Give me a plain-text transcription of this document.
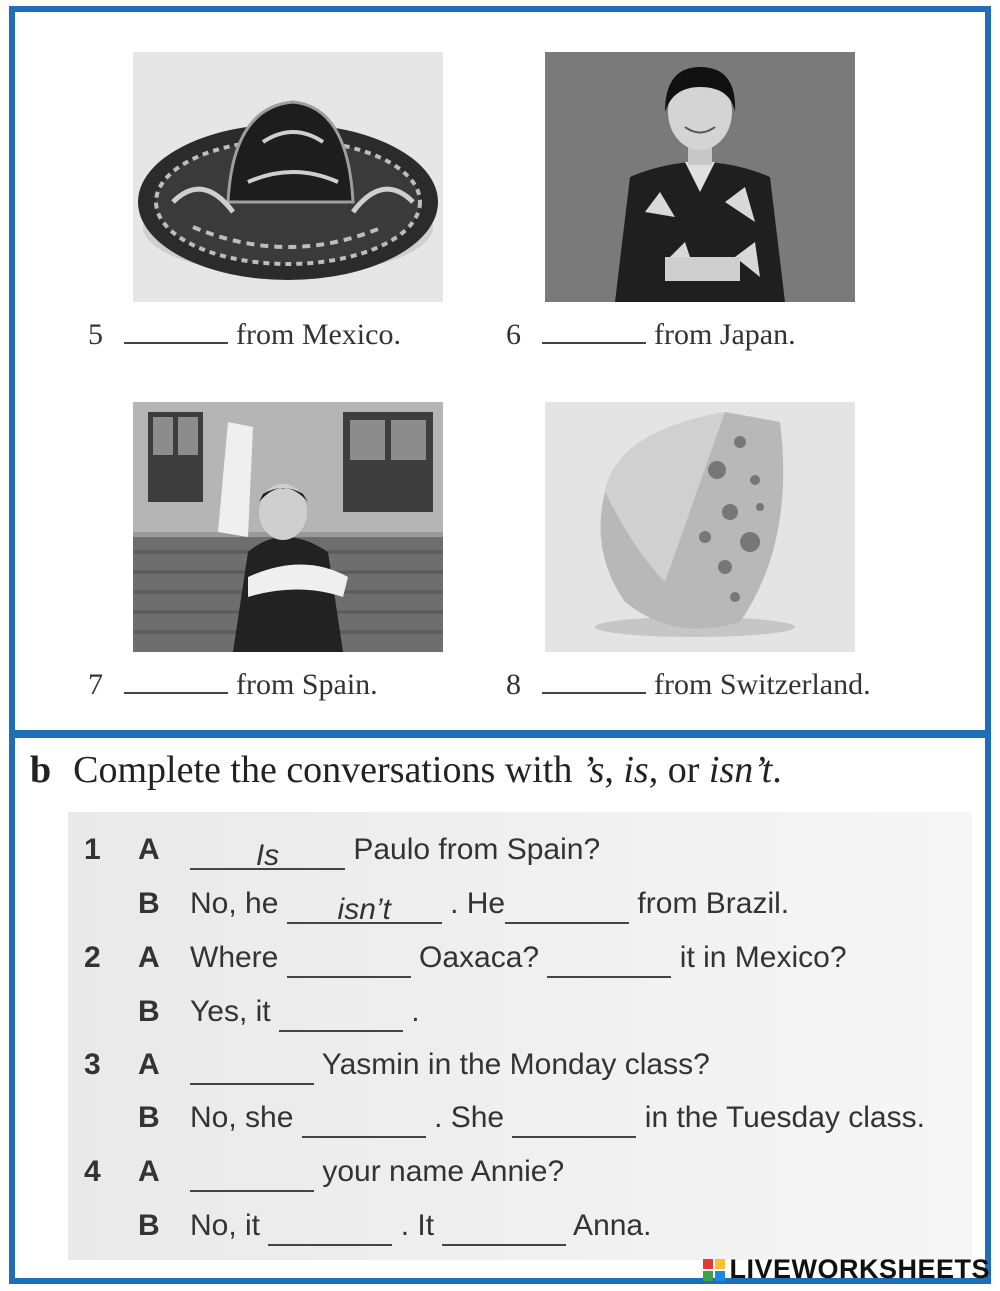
5	from Mexico.	6	from Japan.
7	from Spain.	8	from Switzerland.
b Complete the conversations with ’s, is, or isn’t.
1	A	Is Paulo from Spain?
B No, he isn’t . He	from Brazil.
2	A Where	Oaxaca?	it in Mexico?
B Yes, it	.
3	A	Yasmin in the Monday class?
B No, she	. She	in the Tuesday class.
4	A	your name Annie?
B No, it	. It	Anna.
LIVEWORKSHEETS
